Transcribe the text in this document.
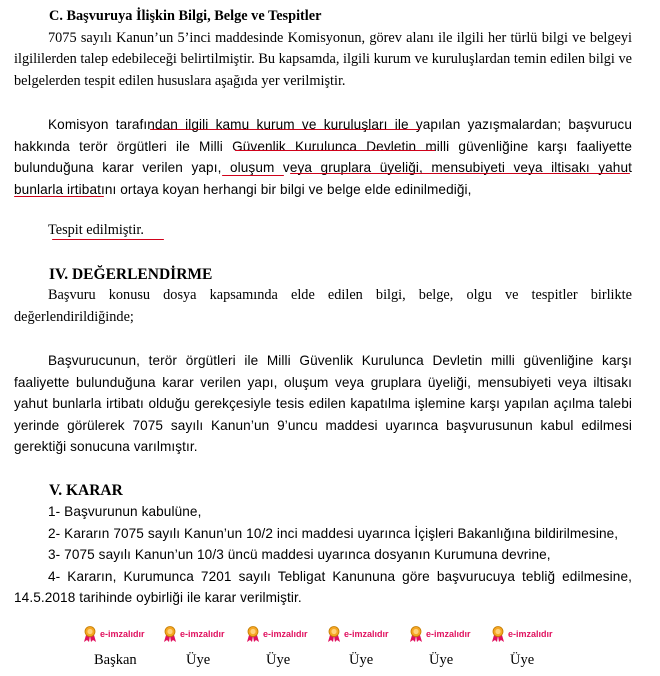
C. Başvuruya İlişkin Bilgi, Belge ve Tespitler

7075 sayılı Kanun’un 5’inci maddesinde Komisyonun, görev alanı ile ilgili her türlü bilgi ve belgeyi ilgililerden talep edebileceği belirtilmiştir. Bu kapsamda, ilgili kurum ve kuruluşlardan temin edilen bilgi ve belgelerden tespit edilen hususlara aşağıda yer verilmiştir.

Komisyon tarafından ilgili kamu kurum ve kuruluşları ile yapılan yazışmalardan; başvurucu hakkında terör örgütleri ile Milli Güvenlik Kurulunca Devletin milli güvenliğine karşı faaliyette bulunduğuna karar verilen yapı, oluşum veya gruplara üyeliği, mensubiyeti veya iltisakı yahut bunlarla irtibatını ortaya koyan herhangi bir bilgi ve belge elde edinilmediği,

Tespit edilmiştir.

IV. DEĞERLENDİRME

Başvuru konusu dosya kapsamında elde edilen bilgi, belge, olgu ve tespitler birlikte değerlendirildiğinde;

Başvurucunun, terör örgütleri ile Milli Güvenlik Kurulunca Devletin milli güvenliğine karşı faaliyette bulunduğuna karar verilen yapı, oluşum veya gruplara üyeliği, mensubiyeti veya iltisakı yahut bunlarla irtibatı olduğu gerekçesiyle tesis edilen kapatılma işlemine karşı yapılan açılma talebi yerinde görülerek 7075 sayılı Kanun’un 9’uncu maddesi uyarınca başvurusunun kabul edilmesi gerektiği sonucuna varılmıştır.

V. KARAR

1- Başvurunun kabulüne,

2- Kararın 7075 sayılı Kanun’un 10/2 inci maddesi uyarınca İçişleri Bakanlığına bildirilmesine,

3- 7075 sayılı Kanun’un 10/3 üncü maddesi uyarınca dosyanın Kurumuna devrine,

4- Kararın, Kurumunca 7201 sayılı Tebligat Kanununa göre başvurucuya tebliğ edilmesine, 14.5.2018 tarihinde oybirliği ile karar verilmiştir.

e-imzalıdır	e-imzalıdır	e-imzalıdır	e-imzalıdır	e-imzalıdır	e-imzalıdır
Başkan	Üye	Üye	Üye	Üye	Üye
